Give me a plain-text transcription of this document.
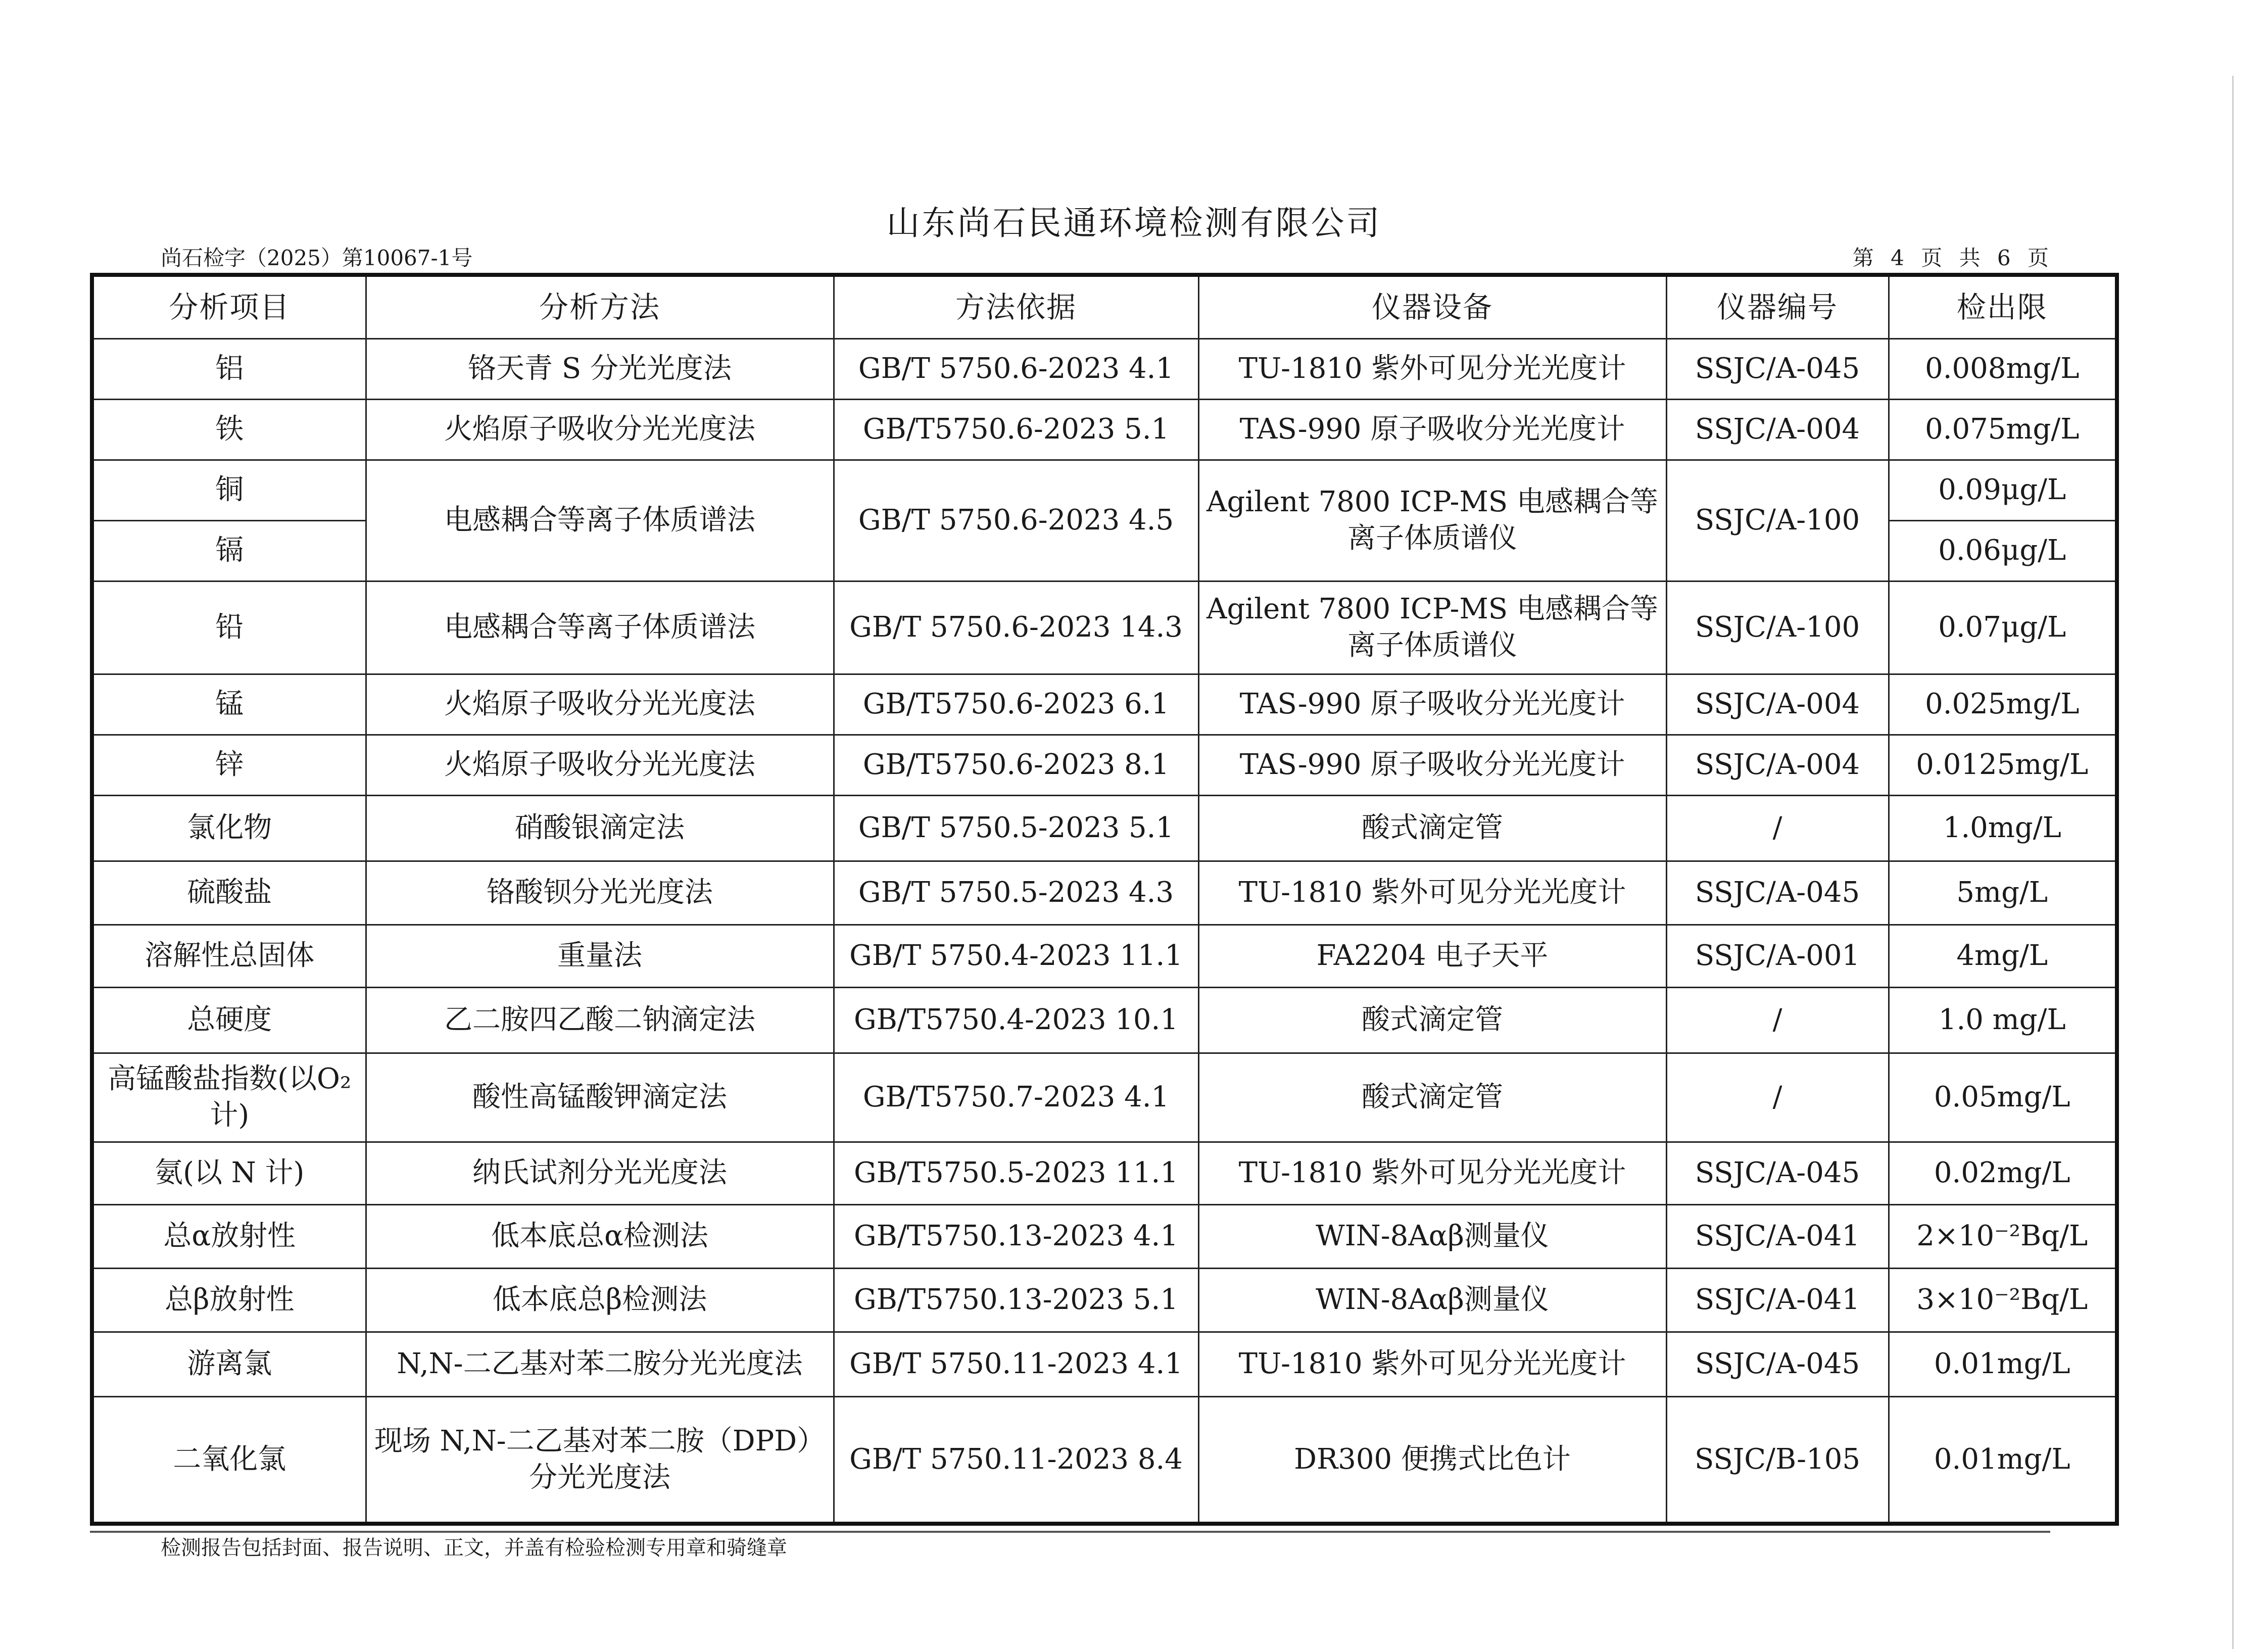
山东尚石民通环境检测有限公司
尚石检字（2025）第10067-1号	第 4 页 共 6 页
分析项目	分析方法	方法依据	仪器设备	仪器编号	检出限
铝	铬天青 S 分光光度法	GB/T 5750.6-2023 4.1	TU-1810 紫外可见分光光度计	SSJC/A-045	0.008mg/L
铁	火焰原子吸收分光光度法	GB/T5750.6-2023 5.1	TAS-990 原子吸收分光光度计	SSJC/A-004	0.075mg/L
铜	电感耦合等离子体质谱法	GB/T 5750.6-2023 4.5	Agilent 7800 ICP-MS 电感耦合等离子体质谱仪	SSJC/A-100	0.09μg/L
镉					0.06μg/L
铅	电感耦合等离子体质谱法	GB/T 5750.6-2023 14.3	Agilent 7800 ICP-MS 电感耦合等离子体质谱仪	SSJC/A-100	0.07μg/L
锰	火焰原子吸收分光光度法	GB/T5750.6-2023 6.1	TAS-990 原子吸收分光光度计	SSJC/A-004	0.025mg/L
锌	火焰原子吸收分光光度法	GB/T5750.6-2023 8.1	TAS-990 原子吸收分光光度计	SSJC/A-004	0.0125mg/L
氯化物	硝酸银滴定法	GB/T 5750.5-2023 5.1	酸式滴定管	/	1.0mg/L
硫酸盐	铬酸钡分光光度法	GB/T 5750.5-2023 4.3	TU-1810 紫外可见分光光度计	SSJC/A-045	5mg/L
溶解性总固体	重量法	GB/T 5750.4-2023 11.1	FA2204 电子天平	SSJC/A-001	4mg/L
总硬度	乙二胺四乙酸二钠滴定法	GB/T5750.4-2023 10.1	酸式滴定管	/	1.0 mg/L
高锰酸盐指数(以O₂计)	酸性高锰酸钾滴定法	GB/T5750.7-2023 4.1	酸式滴定管	/	0.05mg/L
氨(以 N 计)	纳氏试剂分光光度法	GB/T5750.5-2023 11.1	TU-1810 紫外可见分光光度计	SSJC/A-045	0.02mg/L
总α放射性	低本底总α检测法	GB/T5750.13-2023 4.1	WIN-8Aαβ测量仪	SSJC/A-041	2×10⁻²Bq/L
总β放射性	低本底总β检测法	GB/T5750.13-2023 5.1	WIN-8Aαβ测量仪	SSJC/A-041	3×10⁻²Bq/L
游离氯	N,N-二乙基对苯二胺分光光度法	GB/T 5750.11-2023 4.1	TU-1810 紫外可见分光光度计	SSJC/A-045	0.01mg/L
二氧化氯	现场 N,N-二乙基对苯二胺（DPD）分光光度法	GB/T 5750.11-2023 8.4	DR300 便携式比色计	SSJC/B-105	0.01mg/L
检测报告包括封面、报告说明、正文，并盖有检验检测专用章和骑缝章
